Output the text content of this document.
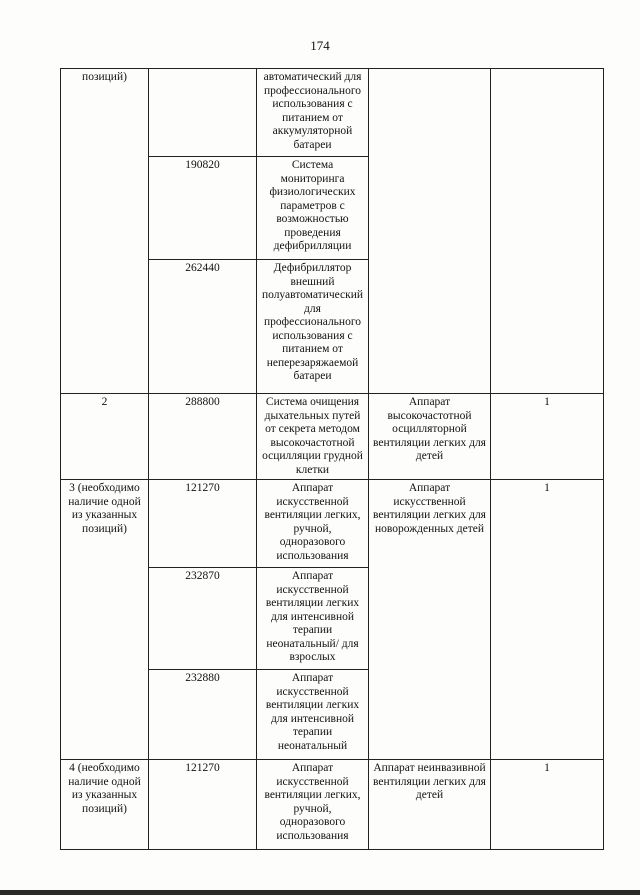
174
позиций)		автоматический для профессионального использования с питанием от аккумуляторной батареи		
	190820	Система мониторинга физиологических параметров с возможностью проведения дефибрилляции		
	262440	Дефибриллятор внешний полуавтоматический для профессионального использования с питанием от неперезаряжаемой батареи		
2	288800	Система очищения дыхательных путей от секрета методом высокочастотной осцилляции грудной клетки	Аппарат высокочастотной осцилляторной вентиляции легких для детей	1
3 (необходимо наличие одной из указанных позиций)	121270	Аппарат искусственной вентиляции легких, ручной, одноразового использования	Аппарат искусственной вентиляции легких для новорожденных детей	1
	232870	Аппарат искусственной вентиляции легких для интенсивной терапии неонатальный/ для взрослых		
	232880	Аппарат искусственной вентиляции легких для интенсивной терапии неонатальный		
4 (необходимо наличие одной из указанных позиций)	121270	Аппарат искусственной вентиляции легких, ручной, одноразового использования	Аппарат неинвазивной вентиляции легких для детей	1
